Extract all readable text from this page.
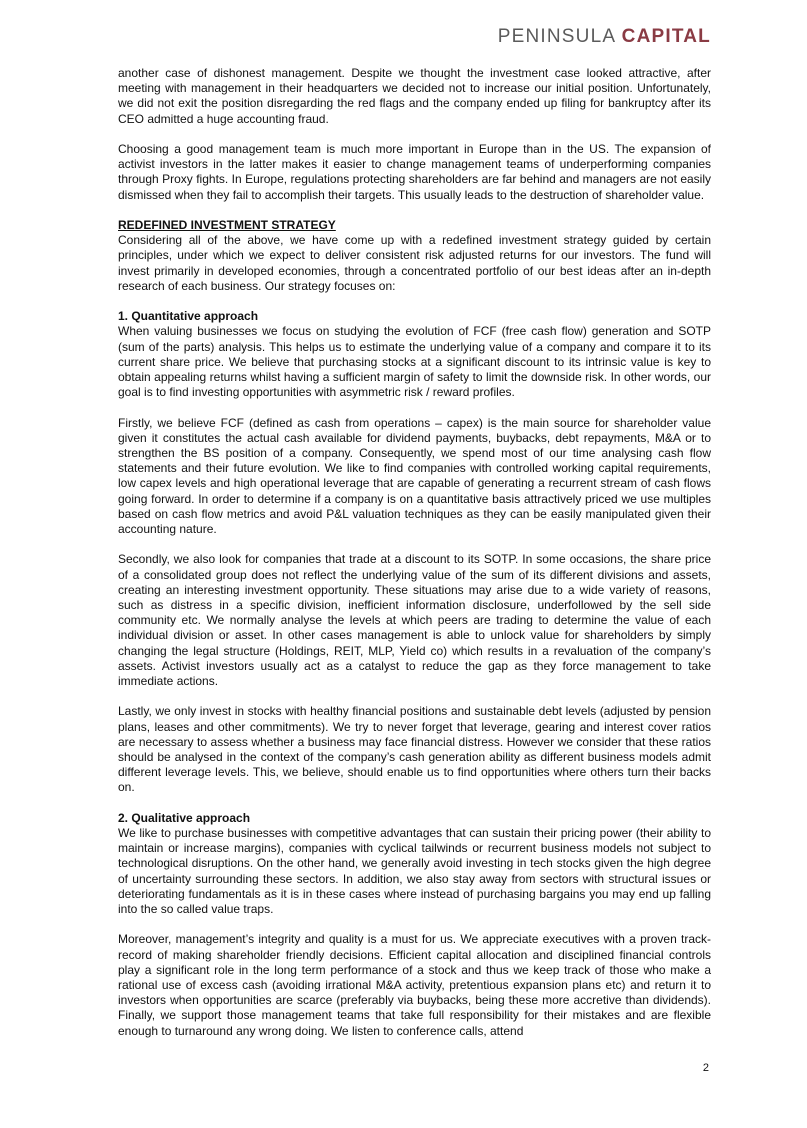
PENINSULA CAPITAL

another case of dishonest management. Despite we thought the investment case looked attractive, after meeting with management in their headquarters we decided not to increase our initial position. Unfortunately, we did not exit the position disregarding the red flags and the company ended up filing for bankruptcy after its CEO admitted a huge accounting fraud.

Choosing a good management team is much more important in Europe than in the US. The expansion of activist investors in the latter makes it easier to change management teams of underperforming companies through Proxy fights. In Europe, regulations protecting shareholders are far behind and managers are not easily dismissed when they fail to accomplish their targets. This usually leads to the destruction of shareholder value.

REDEFINED INVESTMENT STRATEGY

Considering all of the above, we have come up with a redefined investment strategy guided by certain principles, under which we expect to deliver consistent risk adjusted returns for our investors. The fund will invest primarily in developed economies, through a concentrated portfolio of our best ideas after an in-depth research of each business. Our strategy focuses on:

1. Quantitative approach

When valuing businesses we focus on studying the evolution of FCF (free cash flow) generation and SOTP (sum of the parts) analysis. This helps us to estimate the underlying value of a company and compare it to its current share price. We believe that purchasing stocks at a significant discount to its intrinsic value is key to obtain appealing returns whilst having a sufficient margin of safety to limit the downside risk. In other words, our goal is to find investing opportunities with asymmetric risk / reward profiles.

Firstly, we believe FCF (defined as cash from operations – capex) is the main source for shareholder value given it constitutes the actual cash available for dividend payments, buybacks, debt repayments, M&A or to strengthen the BS position of a company. Consequently, we spend most of our time analysing cash flow statements and their future evolution. We like to find companies with controlled working capital requirements, low capex levels and high operational leverage that are capable of generating a recurrent stream of cash flows going forward. In order to determine if a company is on a quantitative basis attractively priced we use multiples based on cash flow metrics and avoid P&L valuation techniques as they can be easily manipulated given their accounting nature.

Secondly, we also look for companies that trade at a discount to its SOTP. In some occasions, the share price of a consolidated group does not reflect the underlying value of the sum of its different divisions and assets, creating an interesting investment opportunity. These situations may arise due to a wide variety of reasons, such as distress in a specific division, inefficient information disclosure, underfollowed by the sell side community etc. We normally analyse the levels at which peers are trading to determine the value of each individual division or asset. In other cases management is able to unlock value for shareholders by simply changing the legal structure (Holdings, REIT, MLP, Yield co) which results in a revaluation of the company’s assets. Activist investors usually act as a catalyst to reduce the gap as they force management to take immediate actions.

Lastly, we only invest in stocks with healthy financial positions and sustainable debt levels (adjusted by pension plans, leases and other commitments). We try to never forget that leverage, gearing and interest cover ratios are necessary to assess whether a business may face financial distress. However we consider that these ratios should be analysed in the context of the company’s cash generation ability as different business models admit different leverage levels. This, we believe, should enable us to find opportunities where others turn their backs on.

2. Qualitative approach

We like to purchase businesses with competitive advantages that can sustain their pricing power (their ability to maintain or increase margins), companies with cyclical tailwinds or recurrent business models not subject to technological disruptions. On the other hand, we generally avoid investing in tech stocks given the high degree of uncertainty surrounding these sectors. In addition, we also stay away from sectors with structural issues or deteriorating fundamentals as it is in these cases where instead of purchasing bargains you may end up falling into the so called value traps.

Moreover, management’s integrity and quality is a must for us. We appreciate executives with a proven track-record of making shareholder friendly decisions. Efficient capital allocation and disciplined financial controls play a significant role in the long term performance of a stock and thus we keep track of those who make a rational use of excess cash (avoiding irrational M&A activity, pretentious expansion plans etc) and return it to investors when opportunities are scarce (preferably via buybacks, being these more accretive than dividends). Finally, we support those management teams that take full responsibility for their mistakes and are flexible enough to turnaround any wrong doing. We listen to conference calls, attend

2
